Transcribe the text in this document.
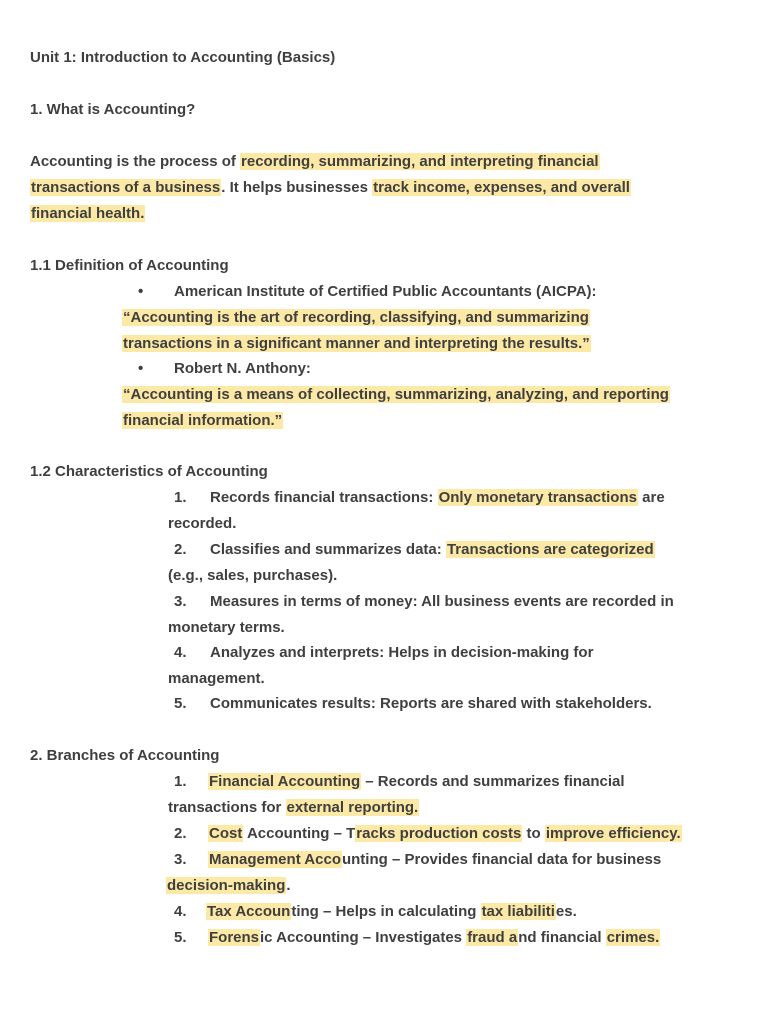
Unit 1: Introduction to Accounting (Basics)
1. What is Accounting?
Accounting is the process of recording, summarizing, and interpreting financial
transactions of a business. It helps businesses track income, expenses, and overall
financial health.
1.1 Definition of Accounting
• American Institute of Certified Public Accountants (AICPA):
“Accounting is the art of recording, classifying, and summarizing
transactions in a significant manner and interpreting the results.”
• Robert N. Anthony:
“Accounting is a means of collecting, summarizing, analyzing, and reporting
financial information.”
1.2 Characteristics of Accounting
1. Records financial transactions: Only monetary transactions are
recorded.
2. Classifies and summarizes data: Transactions are categorized
(e.g., sales, purchases).
3. Measures in terms of money: All business events are recorded in
monetary terms.
4. Analyzes and interprets: Helps in decision-making for
management.
5. Communicates results: Reports are shared with stakeholders.
2. Branches of Accounting
1. Financial Accounting – Records and summarizes financial
transactions for external reporting.
2. Cost Accounting – Tracks production costs to improve efficiency.
3. Management Accounting – Provides financial data for business
decision-making.
4. Tax Accounting – Helps in calculating tax liabilities.
5. Forensic Accounting – Investigates fraud and financial crimes.
